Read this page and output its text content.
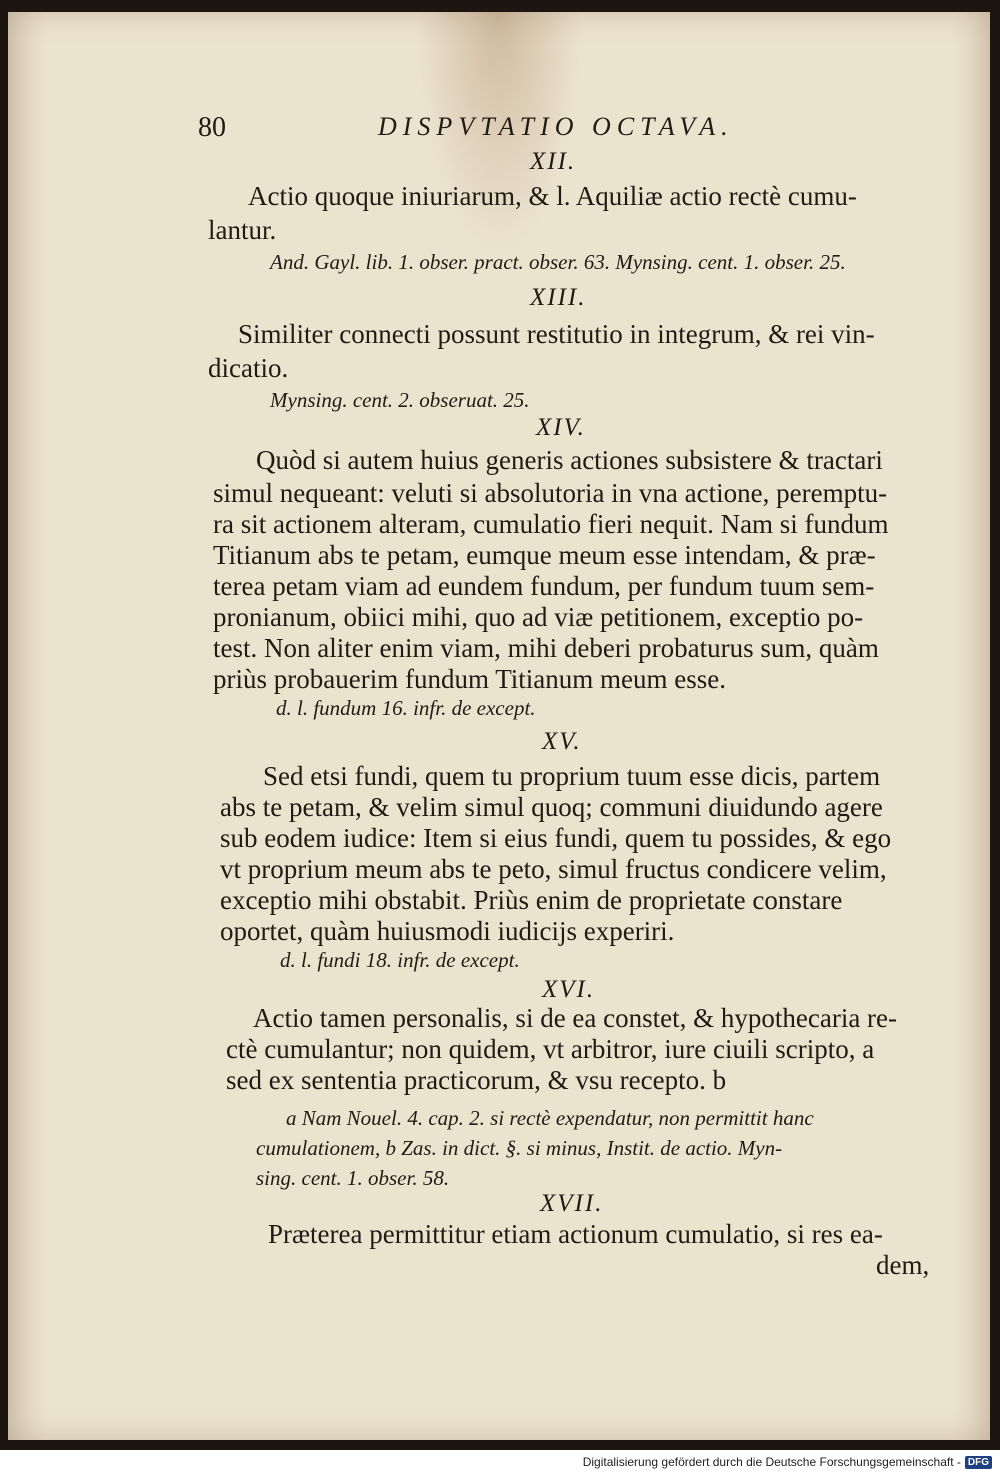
80	DISPVTATIO OCTAVA.
XII.
Actio quoque iniuriarum, & l. Aquiliæ actio rectè cumu-
lantur.
And. Gayl. lib. 1. obser. pract. obser. 63. Mynsing. cent. 1. obser. 25.
XIII.
Similiter connecti possunt restitutio in integrum, & rei vin-
dicatio.
Mynsing. cent. 2. obseruat. 25.
XIV.
Quòd si autem huius generis actiones subsistere & tractari
simul nequeant: veluti si absolutoria in vna actione, peremptu-
ra sit actionem alteram, cumulatio fieri nequit. Nam si fundum
Titianum abs te petam, eumque meum esse intendam, & præ-
terea petam viam ad eundem fundum, per fundum tuum sem-
pronianum, obiici mihi, quo ad viæ petitionem, exceptio po-
test. Non aliter enim viam, mihi deberi probaturus sum, quàm
priùs probauerim fundum Titianum meum esse.
d. l. fundum 16. infr. de except.
XV.
Sed etsi fundi, quem tu proprium tuum esse dicis, partem
abs te petam, & velim simul quoq; communi diuidundo agere
sub eodem iudice: Item si eius fundi, quem tu possides, & ego
vt proprium meum abs te peto, simul fructus condicere velim,
exceptio mihi obstabit. Priùs enim de proprietate constare
oportet, quàm huiusmodi iudicijs experiri.
d. l. fundi 18. infr. de except.
XVI.
Actio tamen personalis, si de ea constet, & hypothecaria re-
ctè cumulantur; non quidem, vt arbitror, iure ciuili scripto, a
sed ex sententia practicorum, & vsu recepto. b
a Nam Nouel. 4. cap. 2. si rectè expendatur, non permittit hanc
cumulationem, b Zas. in dict. §. si minus, Instit. de actio. Myn-
sing. cent. 1. obser. 58.
XVII.
Præterea permittitur etiam actionum cumulatio, si res ea-
dem,
Digitalisierung gefördert durch die Deutsche Forschungsgemeinschaft - DFG
